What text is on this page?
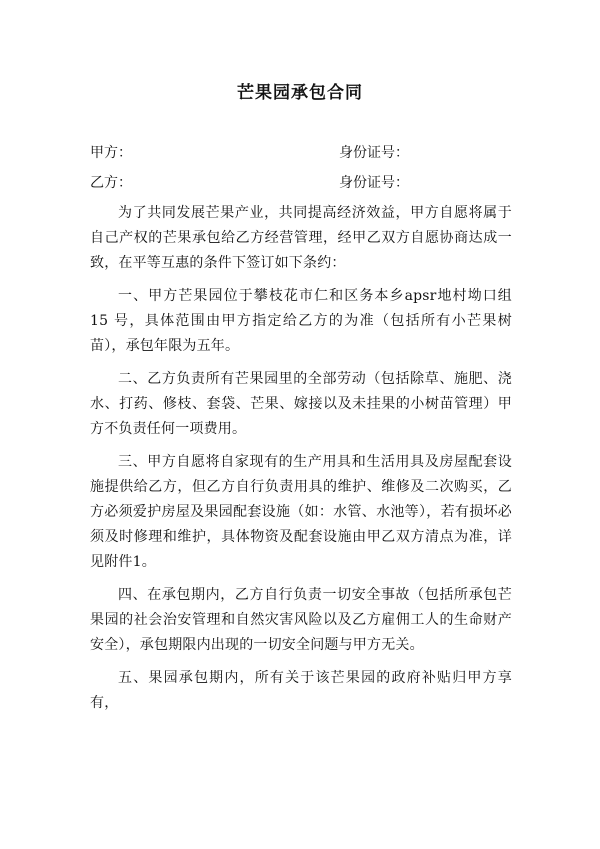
芒果园承包合同
甲方：	身份证号：
乙方：	身份证号：

为了共同发展芒果产业，共同提高经济效益，甲方自愿将属于自己产权的芒果承包给乙方经营管理，经甲乙双方自愿协商达成一致，在平等互惠的条件下签订如下条约：

一、甲方芒果园位于攀枝花市仁和区务本乡apsr地村坳口组 15 号，具体范围由甲方指定给乙方的为准（包括所有小芒果树苗），承包年限为五年。

二、乙方负责所有芒果园里的全部劳动（包括除草、施肥、浇水、打药、修枝、套袋、芒果、嫁接以及未挂果的小树苗管理）甲方不负责任何一项费用。

三、甲方自愿将自家现有的生产用具和生活用具及房屋配套设施提供给乙方，但乙方自行负责用具的维护、维修及二次购买，乙方必须爱护房屋及果园配套设施（如：水管、水池等），若有损坏必须及时修理和维护，具体物资及配套设施由甲乙双方清点为准，详见附件1。

四、在承包期内，乙方自行负责一切安全事故（包括所承包芒果园的社会治安管理和自然灾害风险以及乙方雇佣工人的生命财产安全），承包期限内出现的一切安全问题与甲方无关。

五、果园承包期内，所有关于该芒果园的政府补贴归甲方享有，
